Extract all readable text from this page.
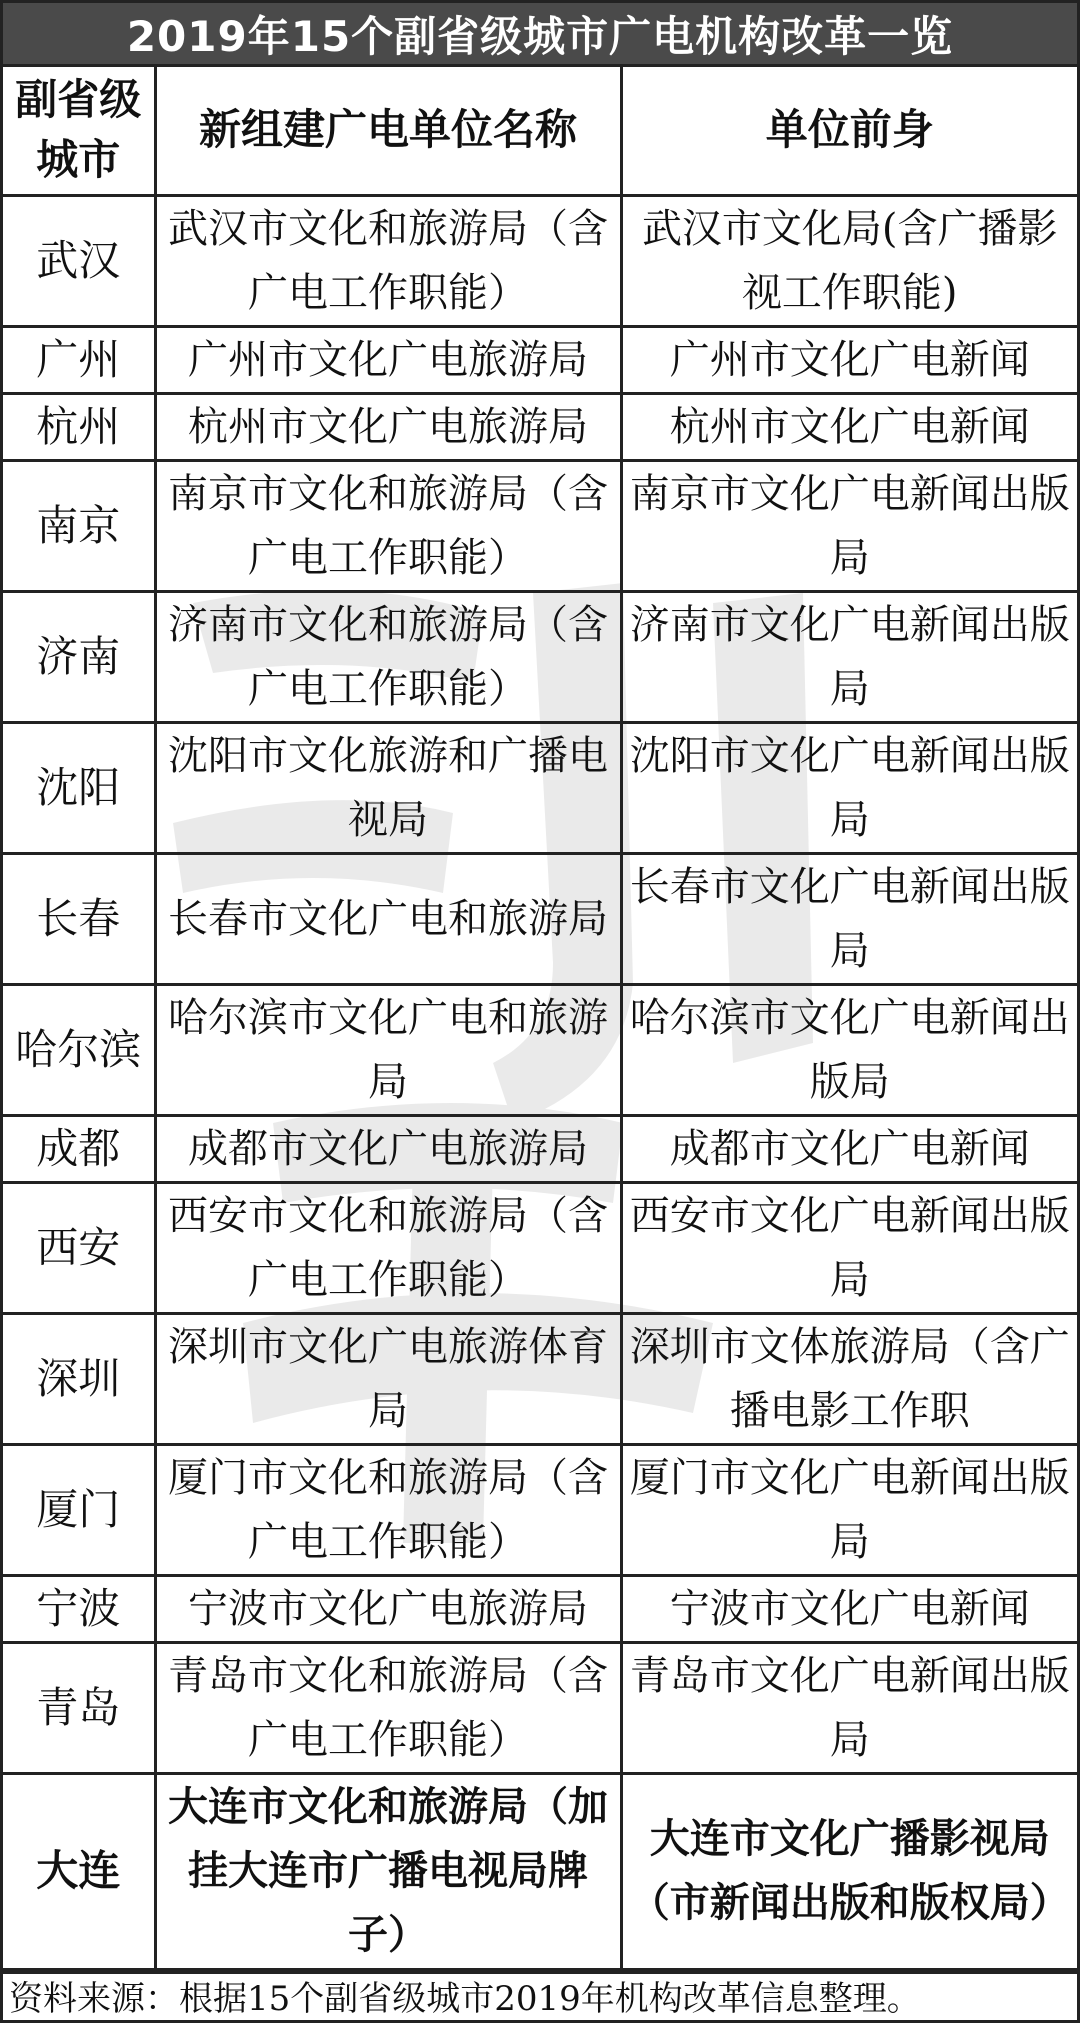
2019年15个副省级城市广电机构改革一览
副省级城市	新组建广电单位名称	单位前身
武汉	武汉市文化和旅游局（含广电工作职能）	武汉市文化局(含广播影视工作职能)
广州	广州市文化广电旅游局	广州市文化广电新闻
杭州	杭州市文化广电旅游局	杭州市文化广电新闻
南京	南京市文化和旅游局（含广电工作职能）	南京市文化广电新闻出版局
济南	济南市文化和旅游局（含广电工作职能）	济南市文化广电新闻出版局
沈阳	沈阳市文化旅游和广播电视局	沈阳市文化广电新闻出版局
长春	长春市文化广电和旅游局	长春市文化广电新闻出版局
哈尔滨	哈尔滨市文化广电和旅游局	哈尔滨市文化广电新闻出版局
成都	成都市文化广电旅游局	成都市文化广电新闻
西安	西安市文化和旅游局（含广电工作职能）	西安市文化广电新闻出版局
深圳	深圳市文化广电旅游体育局	深圳市文体旅游局（含广播电影工作职
厦门	厦门市文化和旅游局（含广电工作职能）	厦门市文化广电新闻出版局
宁波	宁波市文化广电旅游局	宁波市文化广电新闻
青岛	青岛市文化和旅游局（含广电工作职能）	青岛市文化广电新闻出版局
大连	大连市文化和旅游局（加挂大连市广播电视局牌子）	大连市文化广播影视局（市新闻出版和版权局）
资料来源：根据15个副省级城市2019年机构改革信息整理。
